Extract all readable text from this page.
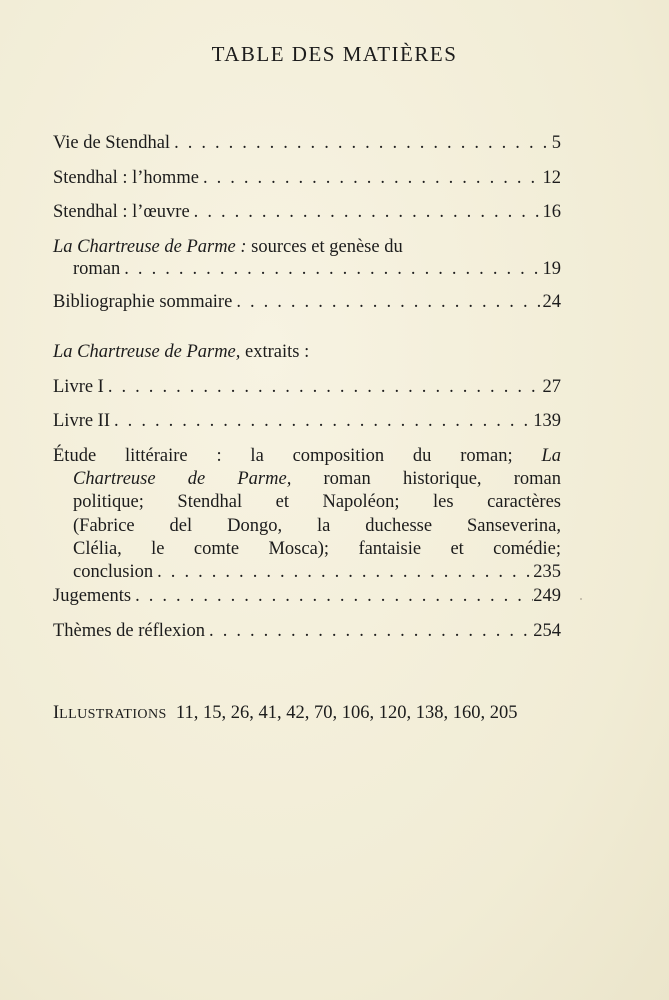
TABLE DES MATIÈRES
Vie de Stendhal . . .	5
Stendhal : l’homme . . .	12
Stendhal : l’œuvre . . .	16
La Chartreuse de Parme : sources et genèse du
roman . . .	19
Bibliographie sommaire . . .	24
La Chartreuse de Parme, extraits :
Livre I . . .	27
Livre II . . .	139
Étude littéraire : la composition du roman; La
Chartreuse de Parme, roman historique, roman
politique; Stendhal et Napoléon; les caractères
(Fabrice del Dongo, la duchesse Sanseverina,
Clélia, le comte Mosca); fantaisie et comédie;
conclusion . . .	235
Jugements . . .	249
Thèmes de réflexion . . .	254
ILLUSTRATIONS 11, 15, 26, 41, 42, 70, 106, 120, 138, 160, 205
